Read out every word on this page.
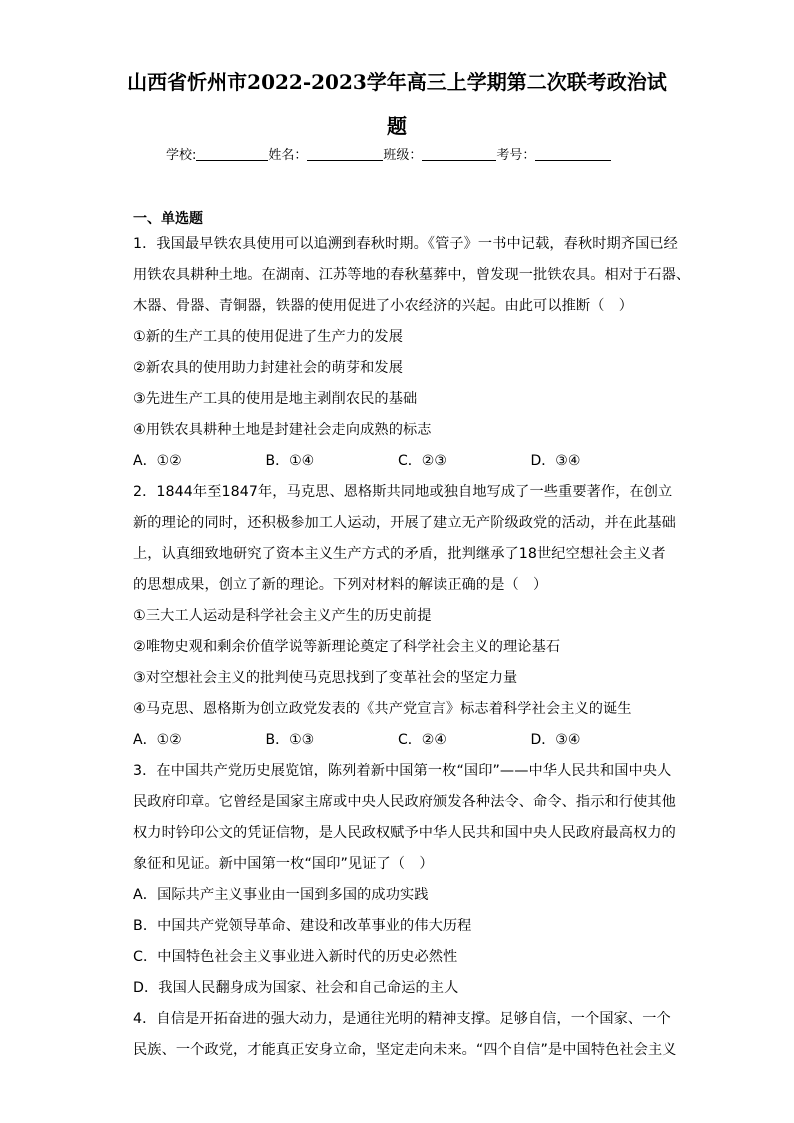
山西省忻州市2022-2023学年高三上学期第二次联考政治试
题
学校:	姓名：	班级：	考号：
一、单选题
1．我国最早铁农具使用可以追溯到春秋时期。《管子》一书中记载，春秋时期齐国已经
用铁农具耕种土地。在湖南、江苏等地的春秋墓葬中，曾发现一批铁农具。相对于石器、
木器、骨器、青铜器，铁器的使用促进了小农经济的兴起。由此可以推断（　）
①新的生产工具的使用促进了生产力的发展
②新农具的使用助力封建社会的萌芽和发展
③先进生产工具的使用是地主剥削农民的基础
④用铁农具耕种土地是封建社会走向成熟的标志
A．①②	B．①④	C．②③	D．③④
2．1844年至1847年，马克思、恩格斯共同地或独自地写成了一些重要著作，在创立
新的理论的同时，还积极参加工人运动，开展了建立无产阶级政党的活动，并在此基础
上，认真细致地研究了资本主义生产方式的矛盾，批判继承了18世纪空想社会主义者
的思想成果，创立了新的理论。下列对材料的解读正确的是（　）
①三大工人运动是科学社会主义产生的历史前提
②唯物史观和剩余价值学说等新理论奠定了科学社会主义的理论基石
③对空想社会主义的批判使马克思找到了变革社会的坚定力量
④马克思、恩格斯为创立政党发表的《共产党宣言》标志着科学社会主义的诞生
A．①②	B．①③	C．②④	D．③④
3．在中国共产党历史展览馆，陈列着新中国第一枚“国印”——中华人民共和国中央人
民政府印章。它曾经是国家主席或中央人民政府颁发各种法令、命令、指示和行使其他
权力时钤印公文的凭证信物，是人民政权赋予中华人民共和国中央人民政府最高权力的
象征和见证。新中国第一枚“国印”见证了（　）
A．国际共产主义事业由一国到多国的成功实践
B．中国共产党领导革命、建设和改革事业的伟大历程
C．中国特色社会主义事业进入新时代的历史必然性
D．我国人民翻身成为国家、社会和自己命运的主人
4．自信是开拓奋进的强大动力，是通往光明的精神支撑。足够自信，一个国家、一个
民族、一个政党，才能真正安身立命，坚定走向未来。“四个自信”是中国特色社会主义
